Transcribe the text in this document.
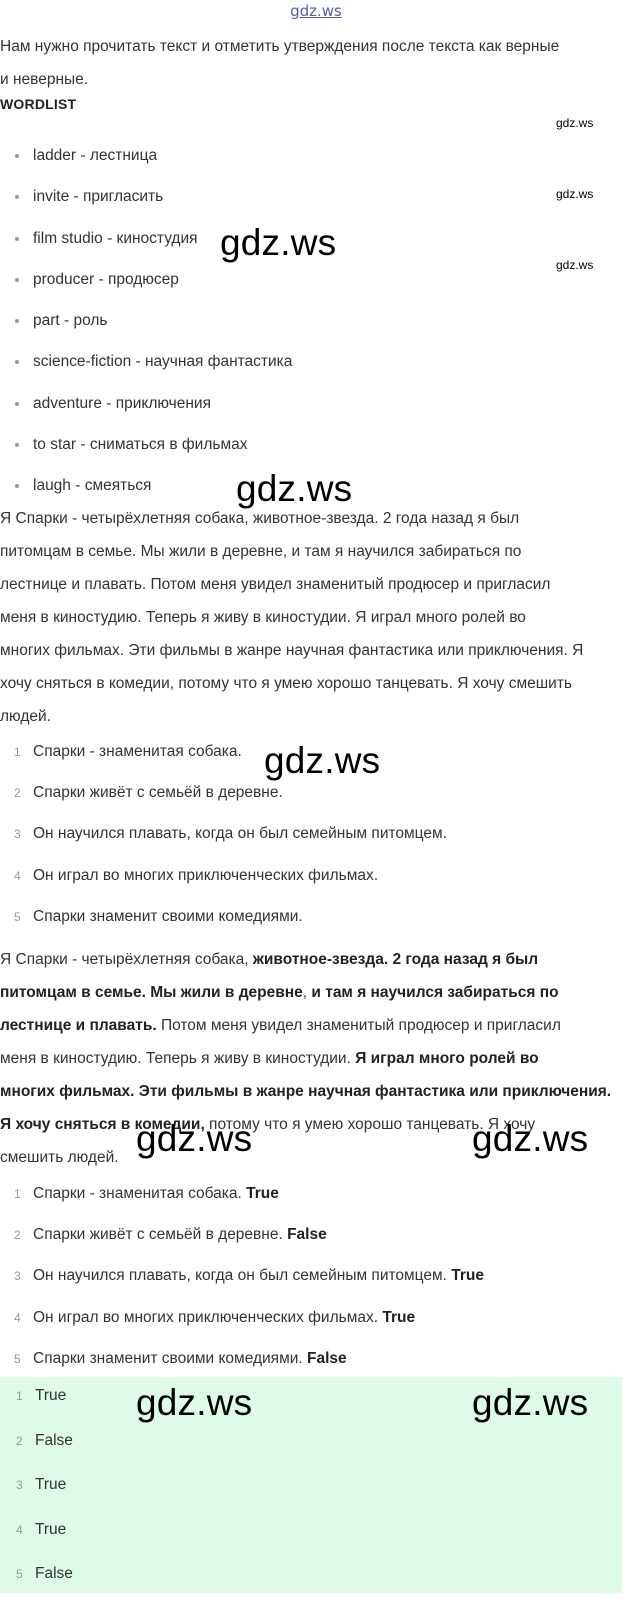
gdz.ws
Нам нужно прочитать текст и отметить утверждения после текста как верные
и неверные.
WORDLIST
ladder - лестница
invite - пригласить
film studio - киностудия
producer - продюсер
part - роль
science-fiction - научная фантастика
adventure - приключения
to star - сниматься в фильмах
laugh - смеяться
Я Спарки - четырёхлетняя собака, животное-звезда. 2 года назад я был
питомцам в семье. Мы жили в деревне, и там я научился забираться по
лестнице и плавать. Потом меня увидел знаменитый продюсер и пригласил
меня в киностудию. Теперь я живу в киностудии. Я играл много ролей во
многих фильмах. Эти фильмы в жанре научная фантастика или приключения. Я
хочу сняться в комедии, потому что я умею хорошо танцевать. Я хочу смешить
людей.
1 Спарки - знаменитая собака.
2 Спарки живёт с семьёй в деревне.
3 Он научился плавать, когда он был семейным питомцем.
4 Он играл во многих приключенческих фильмах.
5 Спарки знаменит своими комедиями.
Я Спарки - четырёхлетняя собака, животное-звезда. 2 года назад я был
питомцам в семье. Мы жили в деревне, и там я научился забираться по
лестнице и плавать. Потом меня увидел знаменитый продюсер и пригласил
меня в киностудию. Теперь я живу в киностудии. Я играл много ролей во
многих фильмах. Эти фильмы в жанре научная фантастика или приключения.
Я хочу сняться в комедии, потому что я умею хорошо танцевать. Я хочу
смешить людей.
1 Спарки - знаменитая собака. True
2 Спарки живёт с семьёй в деревне. False
3 Он научился плавать, когда он был семейным питомцем. True
4 Он играл во многих приключенческих фильмах. True
5 Спарки знаменит своими комедиями. False
1 True
2 False
3 True
4 True
5 False
gdz.ws
gdz.ws
gdz.ws
gdz.ws
gdz.ws
gdz.ws
gdz.ws	gdz.ws
gdz.ws	gdz.ws
